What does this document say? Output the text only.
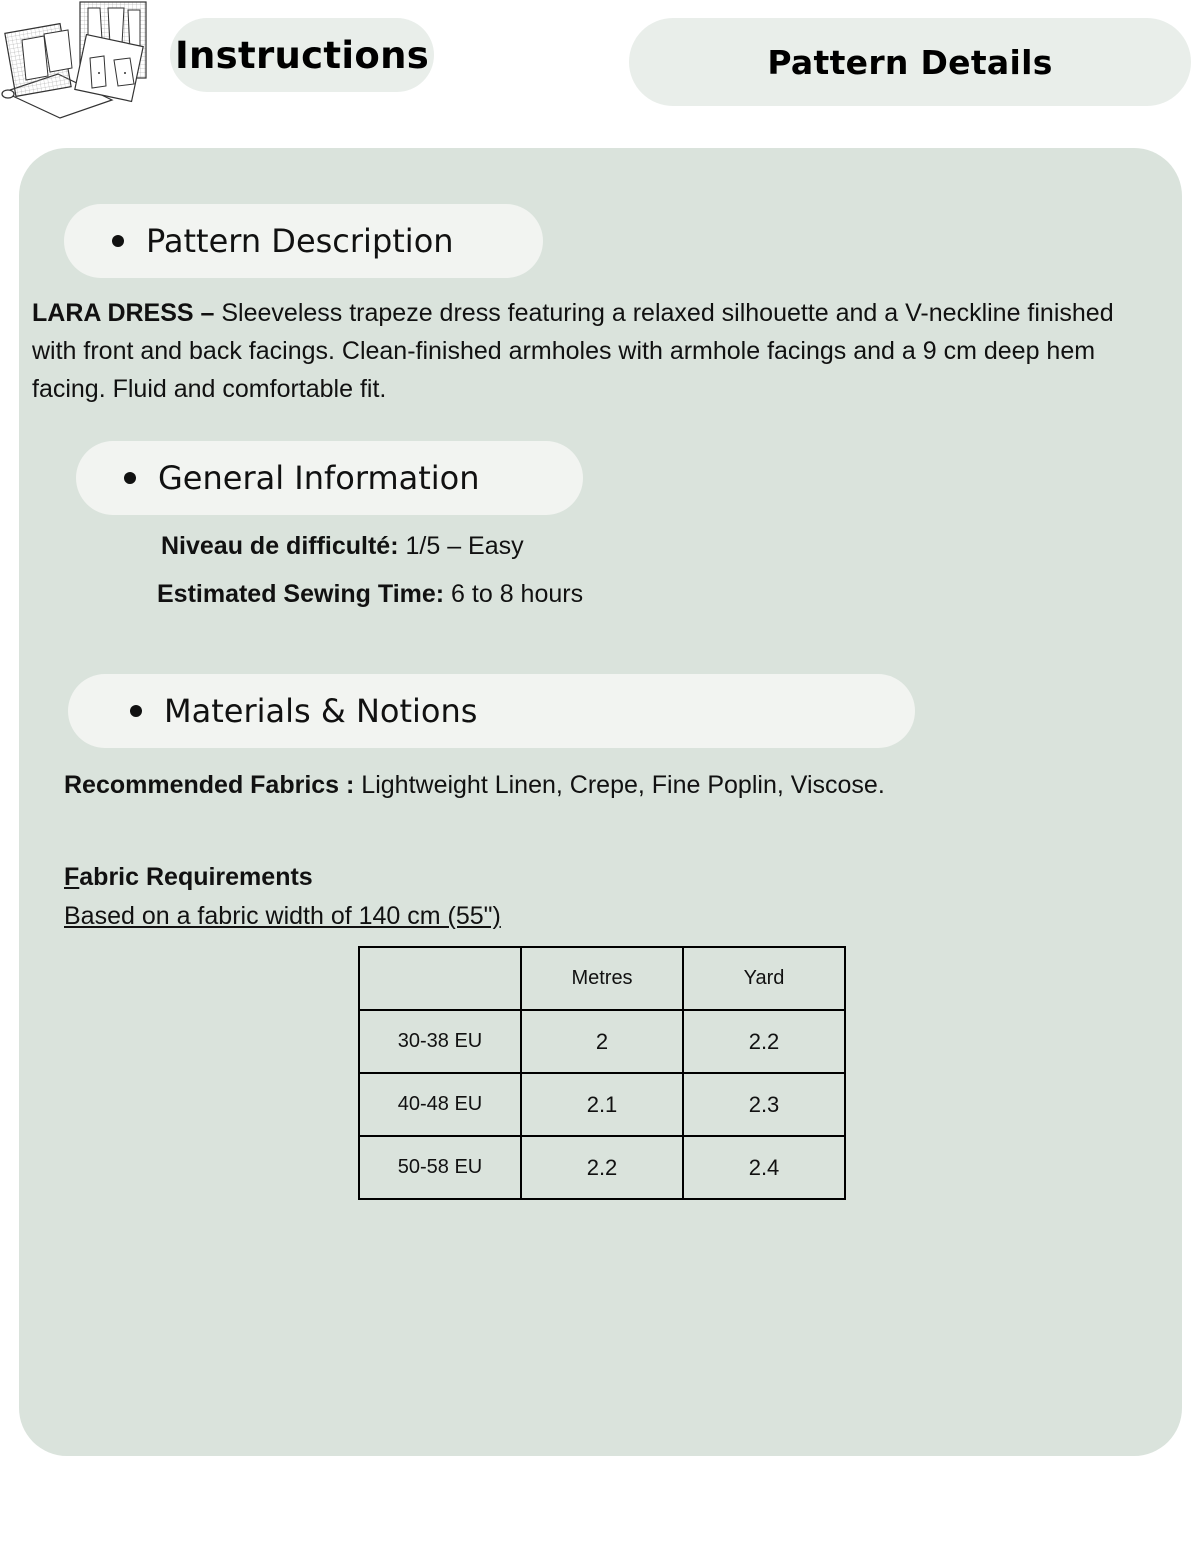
Instructions	Pattern Details
Pattern Description

LARA DRESS – Sleeveless trapeze dress featuring a relaxed silhouette and a V-neckline finished with front and back facings. Clean-finished armholes with armhole facings and a 9 cm deep hem facing. Fluid and comfortable fit.

General Information
Niveau de difficulté: 1/5 – Easy
Estimated Sewing Time: 6 to 8 hours
Materials & Notions
Recommended Fabrics : Lightweight Linen, Crepe, Fine Poplin, Viscose.
Fabric Requirements
Based on a fabric width of 140 cm (55")
	Metres	Yard
30-38 EU	2	2.2
40-48 EU	2.1	2.3
50-58 EU	2.2	2.4
